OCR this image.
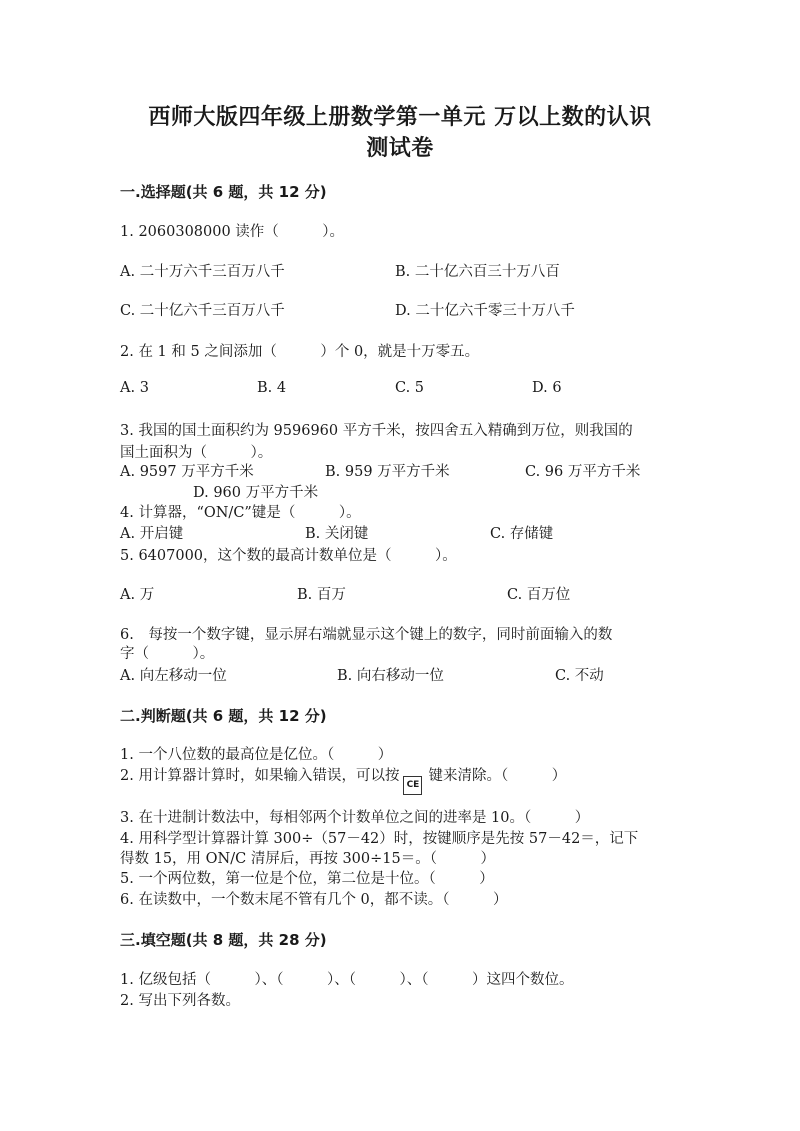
西师大版四年级上册数学第一单元 万以上数的认识
测试卷
一.选择题(共 6 题，共 12 分)
1. 2060308000 读作（　　　）。
A. 二十万六千三百万八千	B. 二十亿六百三十万八百
C. 二十亿六千三百万八千	D. 二十亿六千零三十万八千
2. 在 1 和 5 之间添加（　　　）个 0，就是十万零五。
A. 3	B. 4	C. 5	D. 6
3. 我国的国土面积约为 9596960 平方千米，按四舍五入精确到万位，则我国的
国土面积为（　　　）。
A. 9597 万平方千米	B. 959 万平方千米	C. 96 万平方千米
D. 960 万平方千米
4. 计算器，“ON/C”键是（　　　）。
A. 开启键	B. 关闭键	C. 存储键
5. 6407000，这个数的最高计数单位是（　　　）。
A. 万	B. 百万	C. 百万位
6.　每按一个数字键，显示屏右端就显示这个键上的数字，同时前面输入的数
字（　　　）。
A. 向左移动一位	B. 向右移动一位	C. 不动
二.判断题(共 6 题，共 12 分)
1. 一个八位数的最高位是亿位。（　　　）
2. 用计算器计算时，如果输入错误，可以按CE键来清除。（　　　）
3. 在十进制计数法中，每相邻两个计数单位之间的进率是 10。（　　　）
4. 用科学型计算器计算 300÷（57－42）时，按键顺序是先按 57－42＝，记下
得数 15，用 ON/C 清屏后，再按 300÷15＝。（　　　）
5. 一个两位数，第一位是个位，第二位是十位。（　　　）
6. 在读数中，一个数末尾不管有几个 0，都不读。（　　　）
三.填空题(共 8 题，共 28 分)
1. 亿级包括（　　　）、（　　　）、（　　　）、（　　　）这四个数位。
2. 写出下列各数。
